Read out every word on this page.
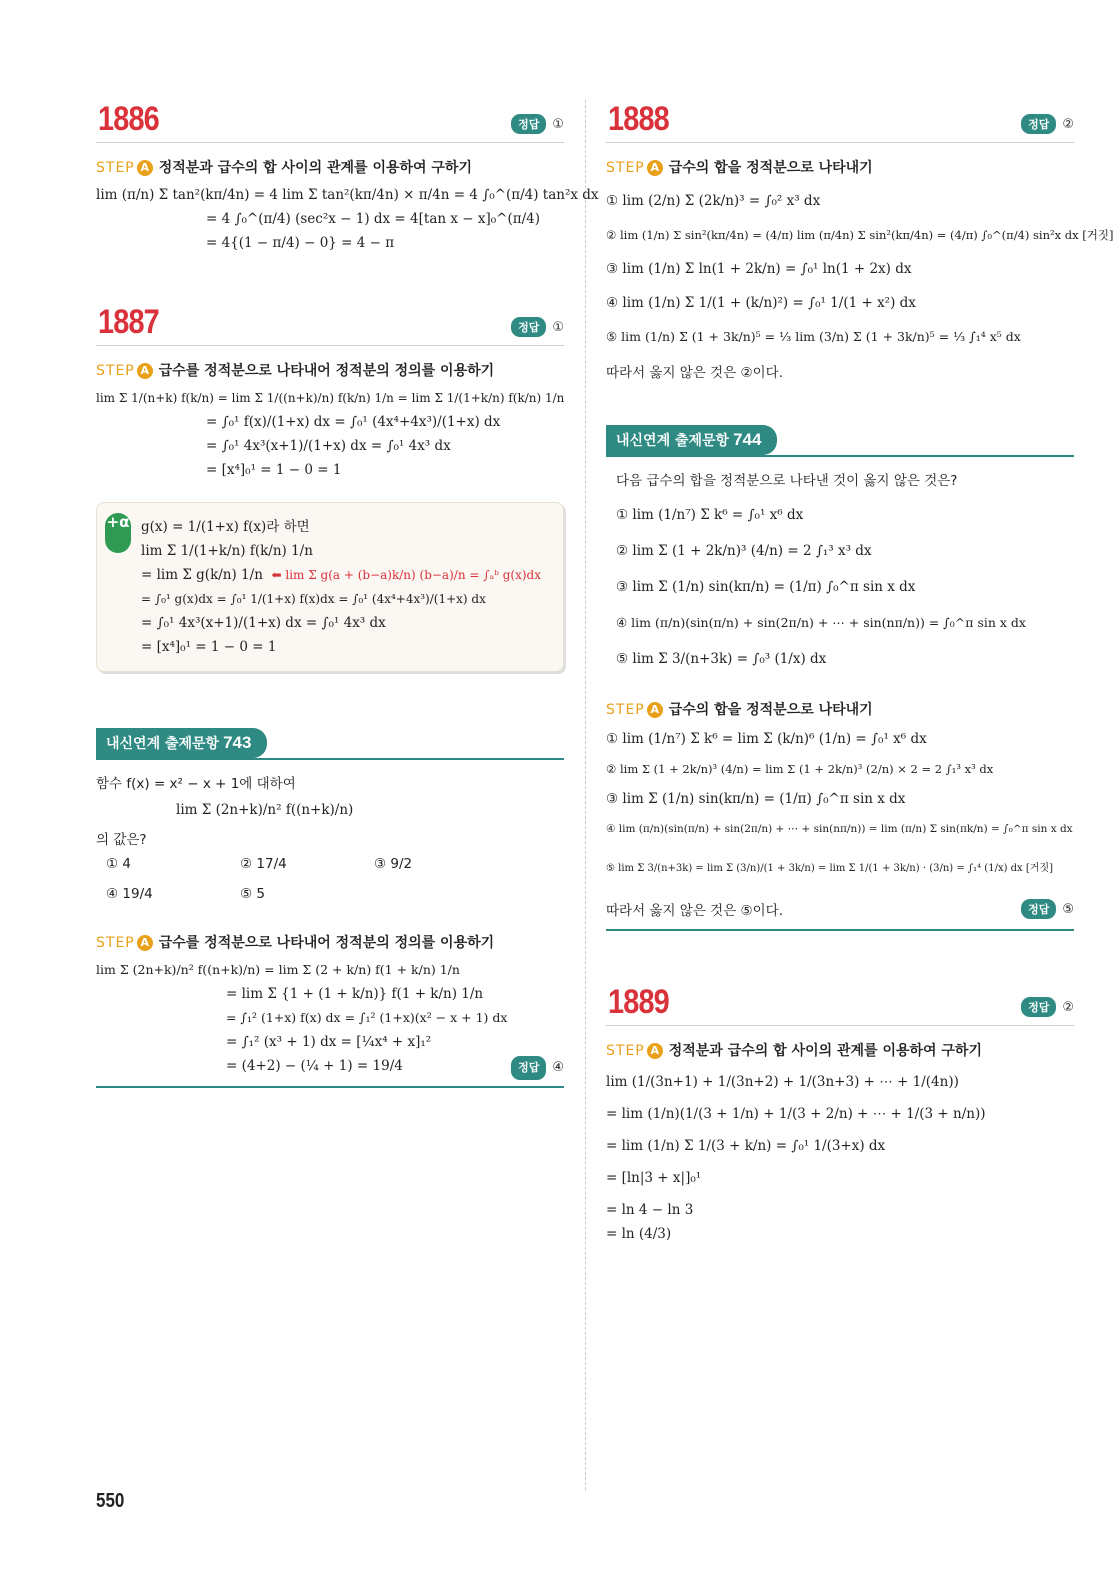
1886	정답 ①
STEP A 정적분과 급수의 합 사이의 관계를 이용하여 구하기
lim (π/n) Σ tan²(kπ/4n) = 4 lim Σ tan²(kπ/4n) × π/4n = 4 ∫₀^(π/4) tan²x dx
= 4 ∫₀^(π/4) (sec²x − 1) dx = 4[tan x − x]₀^(π/4)
= 4{(1 − π/4) − 0} = 4 − π
1887	정답 ①
STEP A 급수를 정적분으로 나타내어 정적분의 정의를 이용하기
lim Σ 1/(n+k) f(k/n) = lim Σ 1/((n+k)/n) f(k/n) 1/n = lim Σ 1/(1+k/n) f(k/n) 1/n
= ∫₀¹ f(x)/(1+x) dx = ∫₀¹ (4x⁴+4x³)/(1+x) dx
= ∫₀¹ 4x³(x+1)/(1+x) dx = ∫₀¹ 4x³ dx
= [x⁴]₀¹ = 1 − 0 = 1
+α g(x) = 1/(1+x) f(x)라 하면
lim Σ 1/(1+k/n) f(k/n) 1/n
= lim Σ g(k/n) 1/n ⬅ lim Σ g(a + (b−a)k/n) (b−a)/n = ∫ₐᵇ g(x)dx
= ∫₀¹ g(x)dx = ∫₀¹ 1/(1+x) f(x)dx = ∫₀¹ (4x⁴+4x³)/(1+x) dx
= ∫₀¹ 4x³(x+1)/(1+x) dx = ∫₀¹ 4x³ dx
= [x⁴]₀¹ = 1 − 0 = 1
내신연계 출제문항 743
함수 f(x) = x² − x + 1에 대하여
lim Σ (2n+k)/n² f((n+k)/n)
의 값은?
① 4	② 17/4	③ 9/2
④ 19/4	⑤ 5
STEP A 급수를 정적분으로 나타내어 정적분의 정의를 이용하기
lim Σ (2n+k)/n² f((n+k)/n) = lim Σ (2 + k/n) f(1 + k/n) 1/n
= lim Σ {1 + (1 + k/n)} f(1 + k/n) 1/n
= ∫₁² (1+x) f(x) dx = ∫₁² (1+x)(x² − x + 1) dx
= ∫₁² (x³ + 1) dx = [¼x⁴ + x]₁²
= (4+2) − (¼ + 1) = 19/4	정답 ④
1888	정답 ②
STEP A 급수의 합을 정적분으로 나타내기
① lim (2/n) Σ (2k/n)³ = ∫₀² x³ dx
② lim (1/n) Σ sin²(kπ/4n) = (4/π) lim (π/4n) Σ sin²(kπ/4n) = (4/π) ∫₀^(π/4) sin²x dx [거짓]
③ lim (1/n) Σ ln(1 + 2k/n) = ∫₀¹ ln(1 + 2x) dx
④ lim (1/n) Σ 1/(1 + (k/n)²) = ∫₀¹ 1/(1 + x²) dx
⑤ lim (1/n) Σ (1 + 3k/n)⁵ = ⅓ lim (3/n) Σ (1 + 3k/n)⁵ = ⅓ ∫₁⁴ x⁵ dx
따라서 옳지 않은 것은 ②이다.
내신연계 출제문항 744
다음 급수의 합을 정적분으로 나타낸 것이 옳지 않은 것은?
① lim (1/n⁷) Σ k⁶ = ∫₀¹ x⁶ dx
② lim Σ (1 + 2k/n)³ (4/n) = 2 ∫₁³ x³ dx
③ lim Σ (1/n) sin(kπ/n) = (1/π) ∫₀^π sin x dx
④ lim (π/n)(sin(π/n) + sin(2π/n) + ⋯ + sin(nπ/n)) = ∫₀^π sin x dx
⑤ lim Σ 3/(n+3k) = ∫₀³ (1/x) dx
STEP A 급수의 합을 정적분으로 나타내기
① lim (1/n⁷) Σ k⁶ = lim Σ (k/n)⁶ (1/n) = ∫₀¹ x⁶ dx
② lim Σ (1 + 2k/n)³ (4/n) = lim Σ (1 + 2k/n)³ (2/n) × 2 = 2 ∫₁³ x³ dx
③ lim Σ (1/n) sin(kπ/n) = (1/π) ∫₀^π sin x dx
④ lim (π/n)(sin(π/n) + sin(2π/n) + ⋯ + sin(nπ/n)) = lim (π/n) Σ sin(πk/n) = ∫₀^π sin x dx
⑤ lim Σ 3/(n+3k) = lim Σ (3/n)/(1 + 3k/n) = lim Σ 1/(1 + 3k/n) · (3/n) = ∫₁⁴ (1/x) dx [거짓]
따라서 옳지 않은 것은 ⑤이다.	정답 ⑤
1889	정답 ②
STEP A 정적분과 급수의 합 사이의 관계를 이용하여 구하기
lim (1/(3n+1) + 1/(3n+2) + 1/(3n+3) + ⋯ + 1/(4n))
= lim (1/n)(1/(3 + 1/n) + 1/(3 + 2/n) + ⋯ + 1/(3 + n/n))
= lim (1/n) Σ 1/(3 + k/n) = ∫₀¹ 1/(3+x) dx
= [ln|3 + x|]₀¹
= ln 4 − ln 3
= ln (4/3)
550
